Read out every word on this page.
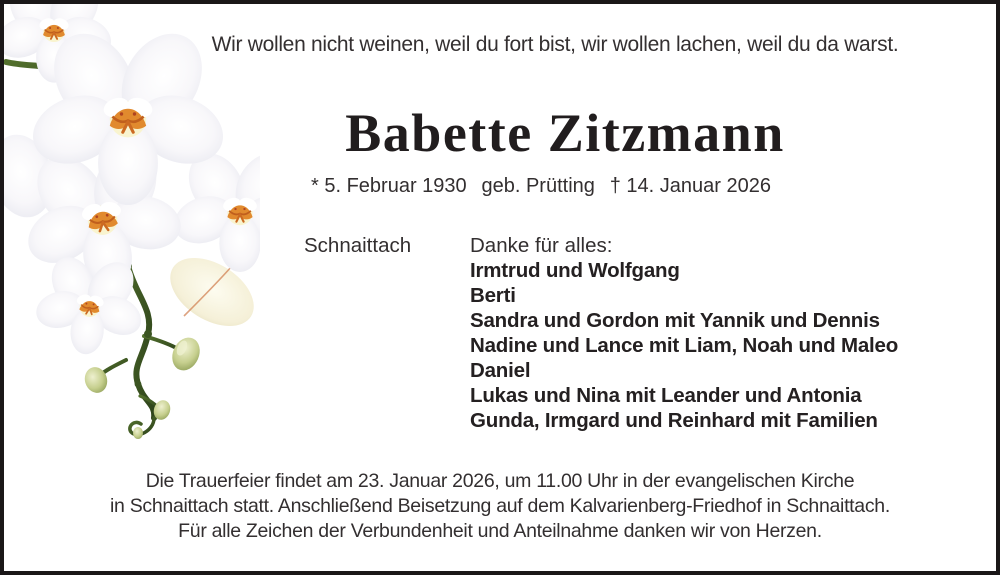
Wir wollen nicht weinen, weil du fort bist, wir wollen lachen, weil du da warst.
Babette Zitzmann
* 5. Februar 1930 geb. Prütting † 14. Januar 2026
Schnaittach	Danke für alles:
Irmtrud und Wolfgang
Berti
Sandra und Gordon mit Yannik und Dennis
Nadine und Lance mit Liam, Noah und Maleo
Daniel
Lukas und Nina mit Leander und Antonia
Gunda, Irmgard und Reinhard mit Familien
Die Trauerfeier findet am 23. Januar 2026, um 11.00 Uhr in der evangelischen Kirche
in Schnaittach statt. Anschließend Beisetzung auf dem Kalvarienberg-Friedhof in Schnaittach.
Für alle Zeichen der Verbundenheit und Anteilnahme danken wir von Herzen.
